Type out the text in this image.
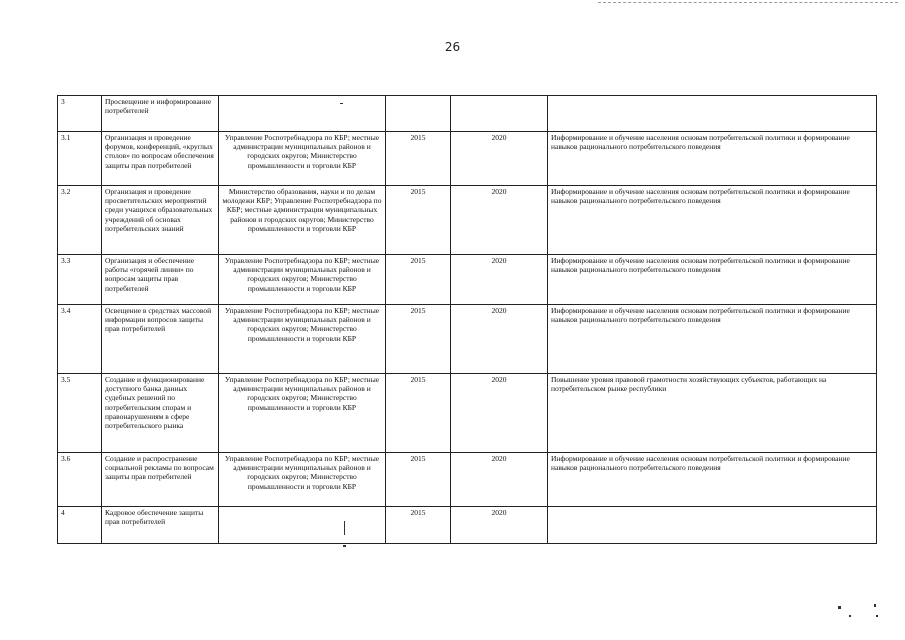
26
3	Просвещение и информирование потребителей				
3.1	Организация и проведение форумов, конференций, «круглых столов» по вопросам обеспечения защиты прав потребителей	Управление Роспотребнадзора по КБР; местные администрации муниципальных районов и городских округов; Министерство промышленности и торговли КБР	2015	2020	Информирование и обучение населения основам потребительской политики и формирование навыков рационального потребительского поведения
3.2	Организация и проведение просветительских мероприятий среди учащихся образовательных учреждений об основах потребительских знаний	Министерство образования, науки и по делам молодежи КБР; Управление Роспотребнадзора по КБР; местные администрации муниципальных районов и городских округов; Министерство промышленности и торговли КБР	2015	2020	Информирование и обучение населения основам потребительской политики и формирование навыков рационального потребительского поведения
3.3	Организация и обеспечение работы «горячей линии» по вопросам защиты прав потребителей	Управление Роспотребнадзора по КБР; местные администрации муниципальных районов и городских округов; Министерство промышленности и торговли КБР	2015	2020	Информирование и обучение населения основам потребительской политики и формирование навыков рационального потребительского поведения
3.4	Освещение в средствах массовой информации вопросов защиты прав потребителей	Управление Роспотребнадзора по КБР; местные администрации муниципальных районов и городских округов; Министерство промышленности и торговли КБР	2015	2020	Информирование и обучение населения основам потребительской политики и формирование навыков рационального потребительского поведения
3.5	Создание и функционирование доступного банка данных судебных решений по потребительским спорам и правонарушениям в сфере потребительского рынка	Управление Роспотребнадзора по КБР; местные администрации муниципальных районов и городских округов; Министерство промышленности и торговли КБР	2015	2020	Повышение уровня правовой грамотности хозяйствующих субъектов, работающих на потребительском рынке республики
3.6	Создание и распространение социальной рекламы по вопросам защиты прав потребителей	Управление Роспотребнадзора по КБР; местные администрации муниципальных районов и городских округов; Министерство промышленности и торговли КБР	2015	2020	Информирование и обучение населения основам потребительской политики и формирование навыков рационального потребительского поведения
4	Кадровое обеспечение защиты прав потребителей		2015	2020	
